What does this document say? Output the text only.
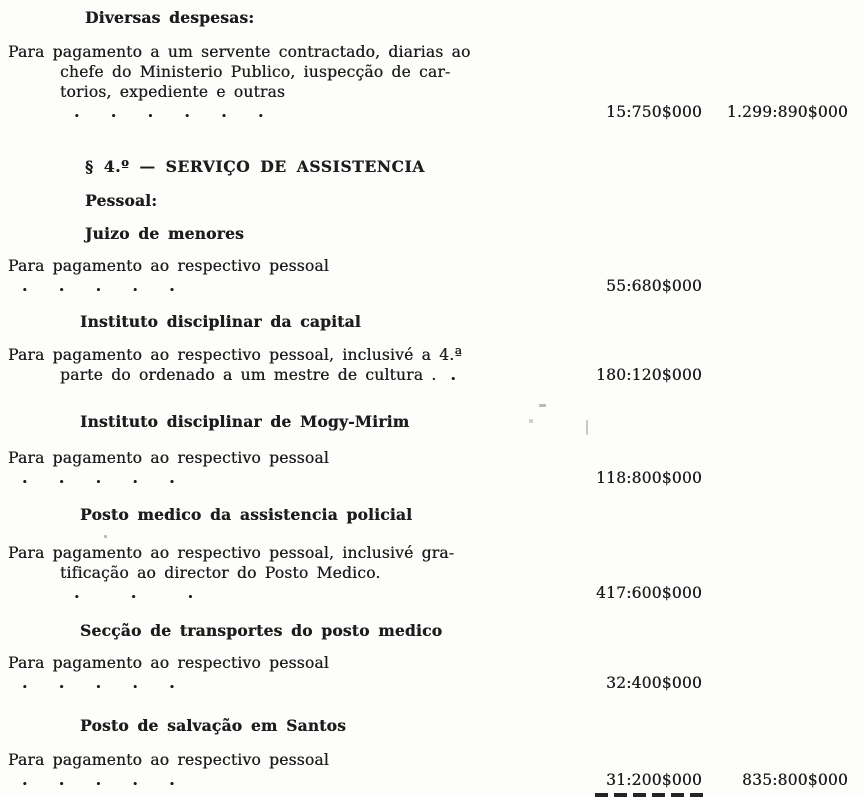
Diversas despesas:
Para pagamento a um servente contractado, diarias ao
chefe do Ministerio Publico, iuspecção de car-
torios, expediente e outras. . . . . .	15:750$000	1.299:890$000
§ 4.º — SERVIÇO DE ASSISTENCIA
Pessoal:
Juizo de menores
Para pagamento ao respectivo pessoal. . . . .	55:680$000
Instituto disciplinar da capital
Para pagamento ao respectivo pessoal, inclusivé a 4.ª
parte do ordenado a um mestre de cultura . .	180:120$000
Instituto disciplinar de Mogy-Mirim
Para pagamento ao respectivo pessoal. . . . .	118:800$000
Posto medico da assistencia policial
Para pagamento ao respectivo pessoal, inclusivé gra-
tificação ao director do Posto Medico.. . .	417:600$000
Secção de transportes do posto medico
Para pagamento ao respectivo pessoal. . . . .	32:400$000
Posto de salvação em Santos
Para pagamento ao respectivo pessoal. . . . .	31:200$000	835:800$000
